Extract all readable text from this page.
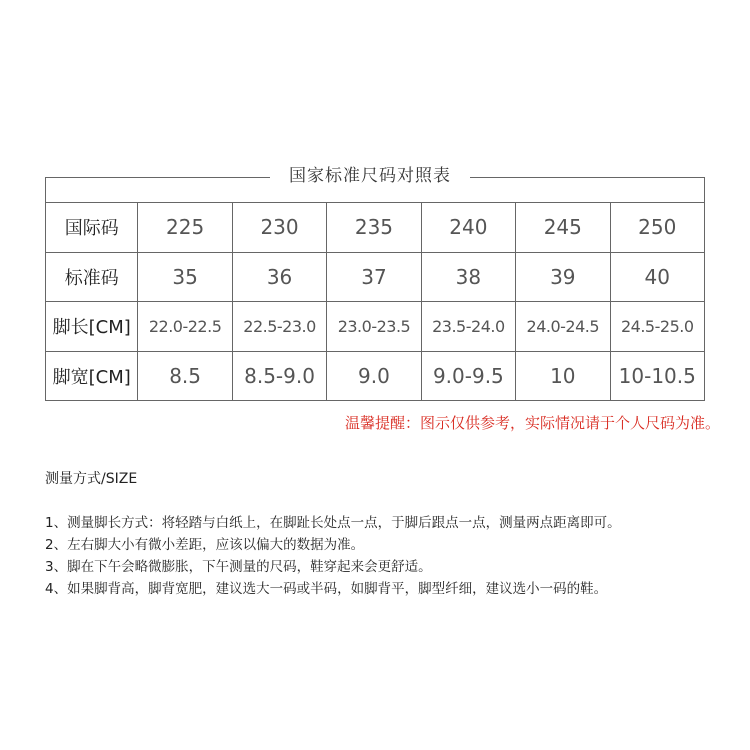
国家标准尺码对照表
国际码	225	230	235	240	245	250
标准码	35	36	37	38	39	40
脚长[CM]	22.0-22.5	22.5-23.0	23.0-23.5	23.5-24.0	24.0-24.5	24.5-25.0
脚宽[CM]	8.5	8.5-9.0	9.0	9.0-9.5	10	10-10.5
温馨提醒：图示仅供参考，实际情况请于个人尺码为准。
测量方式/SIZE
1、测量脚长方式：将轻踏与白纸上，在脚趾长处点一点，于脚后跟点一点，测量两点距离即可。
2、左右脚大小有微小差距，应该以偏大的数据为准。
3、脚在下午会略微膨胀，下午测量的尺码，鞋穿起来会更舒适。
4、如果脚背高，脚背宽肥，建议选大一码或半码，如脚背平，脚型纤细，建议选小一码的鞋。
